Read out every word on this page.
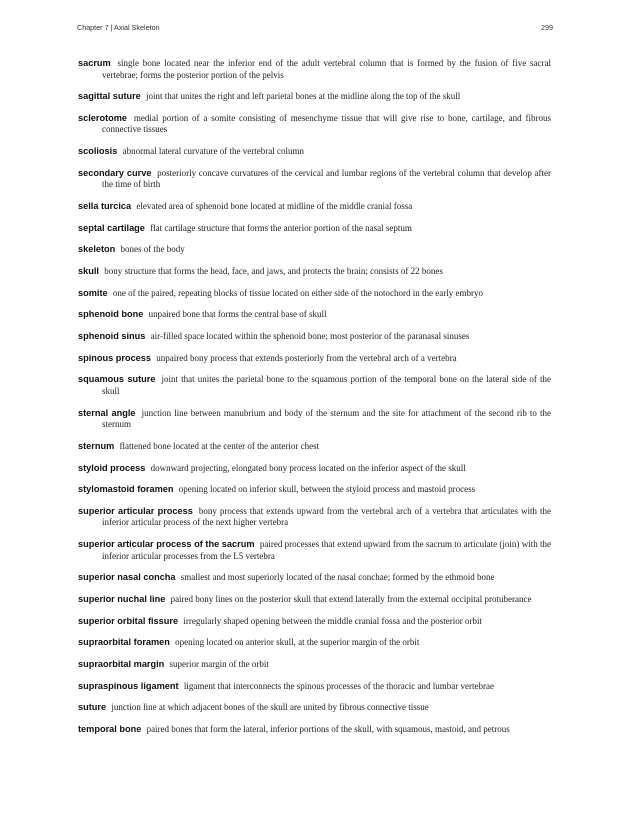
Chapter 7 | Axial Skeleton	299

sacrum single bone located near the inferior end of the adult vertebral column that is formed by the fusion of five sacral vertebrae; forms the posterior portion of the pelvis

sagittal suture joint that unites the right and left parietal bones at the midline along the top of the skull

sclerotome medial portion of a somite consisting of mesenchyme tissue that will give rise to bone, cartilage, and fibrous connective tissues

scoliosis abnormal lateral curvature of the vertebral column

secondary curve posteriorly concave curvatures of the cervical and lumbar regions of the vertebral column that develop after the time of birth

sella turcica elevated area of sphenoid bone located at midline of the middle cranial fossa

septal cartilage flat cartilage structure that forms the anterior portion of the nasal septum

skeleton bones of the body

skull bony structure that forms the head, face, and jaws, and protects the brain; consists of 22 bones

somite one of the paired, repeating blocks of tissue located on either side of the notochord in the early embryo

sphenoid bone unpaired bone that forms the central base of skull

sphenoid sinus air-filled space located within the sphenoid bone; most posterior of the paranasal sinuses

spinous process unpaired bony process that extends posteriorly from the vertebral arch of a vertebra

squamous suture joint that unites the parietal bone to the squamous portion of the temporal bone on the lateral side of the skull

sternal angle junction line between manubrium and body of the sternum and the site for attachment of the second rib to the sternum

sternum flattened bone located at the center of the anterior chest

styloid process downward projecting, elongated bony process located on the inferior aspect of the skull

stylomastoid foramen opening located on inferior skull, between the styloid process and mastoid process

superior articular process bony process that extends upward from the vertebral arch of a vertebra that articulates with the inferior articular process of the next higher vertebra

superior articular process of the sacrum paired processes that extend upward from the sacrum to articulate (join) with the inferior articular processes from the L5 vertebra

superior nasal concha smallest and most superiorly located of the nasal conchae; formed by the ethmoid bone

superior nuchal line paired bony lines on the posterior skull that extend laterally from the external occipital protuberance

superior orbital fissure irregularly shaped opening between the middle cranial fossa and the posterior orbit

supraorbital foramen opening located on anterior skull, at the superior margin of the orbit

supraorbital margin superior margin of the orbit

supraspinous ligament ligament that interconnects the spinous processes of the thoracic and lumbar vertebrae

suture junction line at which adjacent bones of the skull are united by fibrous connective tissue

temporal bone paired bones that form the lateral, inferior portions of the skull, with squamous, mastoid, and petrous
